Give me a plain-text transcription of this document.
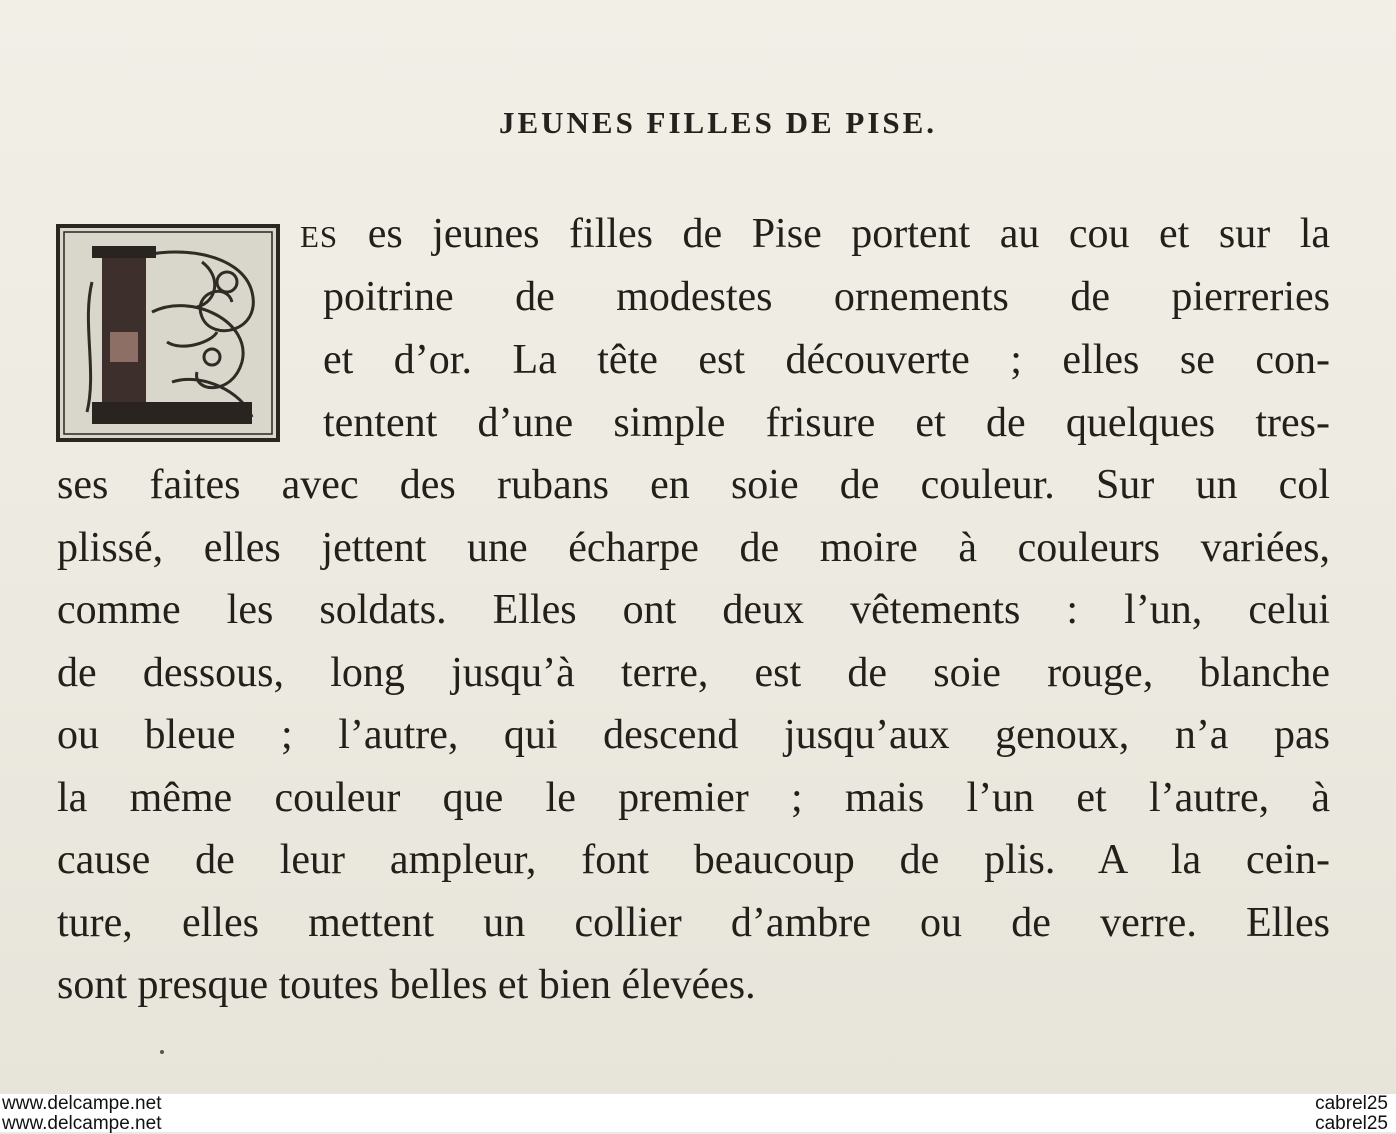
JEUNES FILLES DE PISE.
ES es jeunes filles de Pise portent au cou et sur la
poitrine de modestes ornements de pierreries
et d’or. La tête est découverte ; elles se con-
tentent d’une simple frisure et de quelques tres-
ses faites avec des rubans en soie de couleur. Sur un col
plissé, elles jettent une écharpe de moire à couleurs variées,
comme les soldats. Elles ont deux vêtements : l’un, celui
de dessous, long jusqu’à terre, est de soie rouge, blanche
ou bleue ; l’autre, qui descend jusqu’aux genoux, n’a pas
la même couleur que le premier ; mais l’un et l’autre, à
cause de leur ampleur, font beaucoup de plis. A la cein-
ture, elles mettent un collier d’ambre ou de verre. Elles
sont presque toutes belles et bien élevées.
www.delcampe.net
www.delcampe.net
cabrel25
cabrel25
